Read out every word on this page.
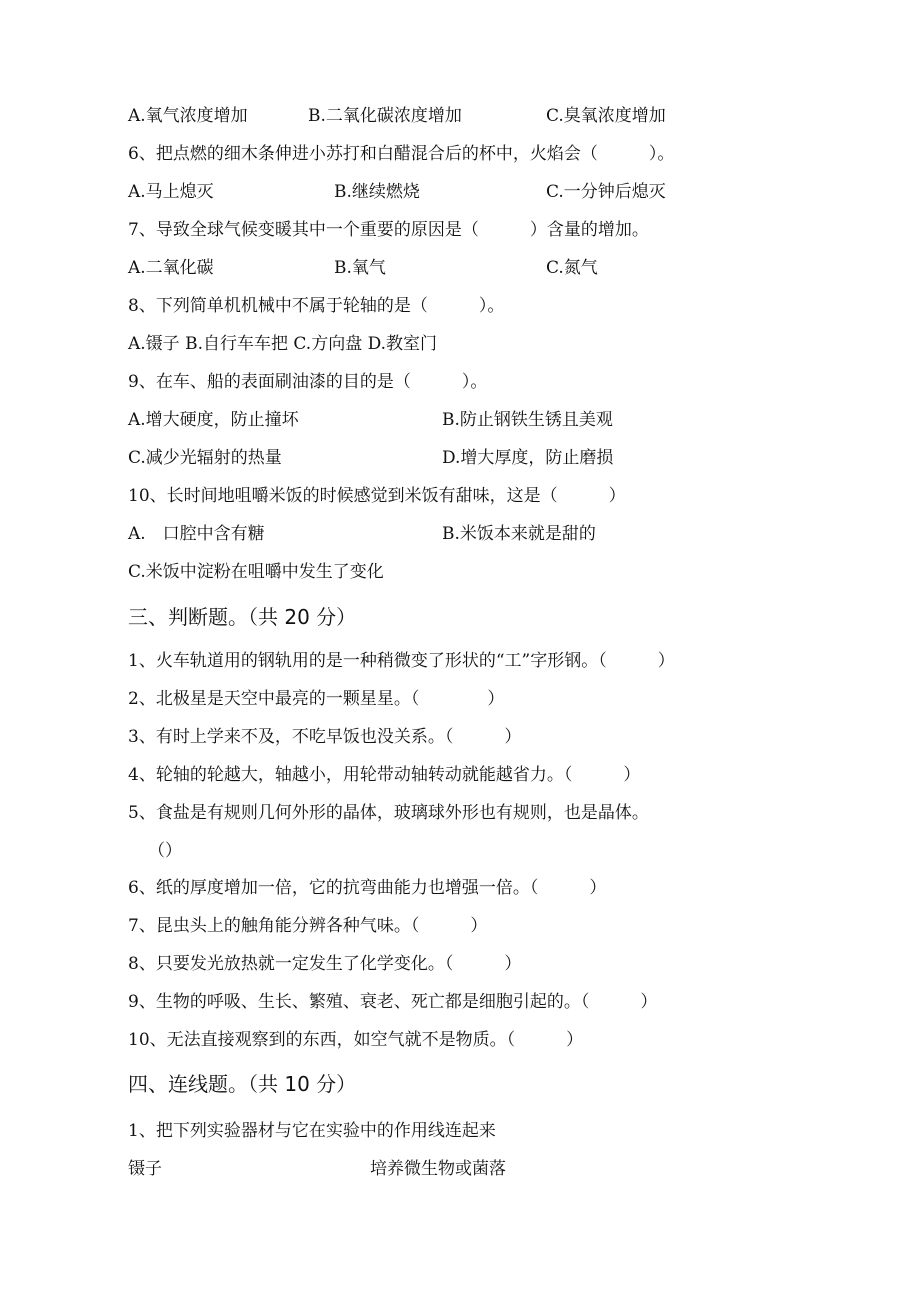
A.氧气浓度增加	B.二氧化碳浓度增加	C.臭氧浓度增加
6、把点燃的细木条伸进小苏打和白醋混合后的杯中，火焰会（　　　）。
A.马上熄灭	B.继续燃烧	C.一分钟后熄灭
7、导致全球气候变暖其中一个重要的原因是（　　　）含量的增加。
A.二氧化碳	B.氧气	C.氮气
8、下列简单机机械中不属于轮轴的是（　　　）。
A.镊子 B.自行车车把 C.方向盘 D.教室门
9、在车、船的表面刷油漆的目的是（　　　）。
A.增大硬度，防止撞坏	B.防止钢铁生锈且美观
C.减少光辐射的热量	D.增大厚度，防止磨损
10、长时间地咀嚼米饭的时候感觉到米饭有甜味，这是（　　　）
A.　口腔中含有糖	B.米饭本来就是甜的
C.米饭中淀粉在咀嚼中发生了变化
三、判断题。（共 20 分）
1、火车轨道用的钢轨用的是一种稍微变了形状的“工”字形钢。（　　　）
2、北极星是天空中最亮的一颗星星。（　　　　）
3、有时上学来不及，不吃早饭也没关系。（　　　）
4、轮轴的轮越大，轴越小，用轮带动轴转动就能越省力。（　　　）
5、食盐是有规则几何外形的晶体，玻璃球外形也有规则，也是晶体。
（）
6、纸的厚度增加一倍，它的抗弯曲能力也增强一倍。（　　　）
7、昆虫头上的触角能分辨各种气味。（　　　）
8、只要发光放热就一定发生了化学变化。（　　　）
9、生物的呼吸、生长、繁殖、衰老、死亡都是细胞引起的。（　　　）
10、无法直接观察到的东西，如空气就不是物质。（　　　）
四、连线题。（共 10 分）
1、把下列实验器材与它在实验中的作用线连起来
镊子	培养微生物或菌落
